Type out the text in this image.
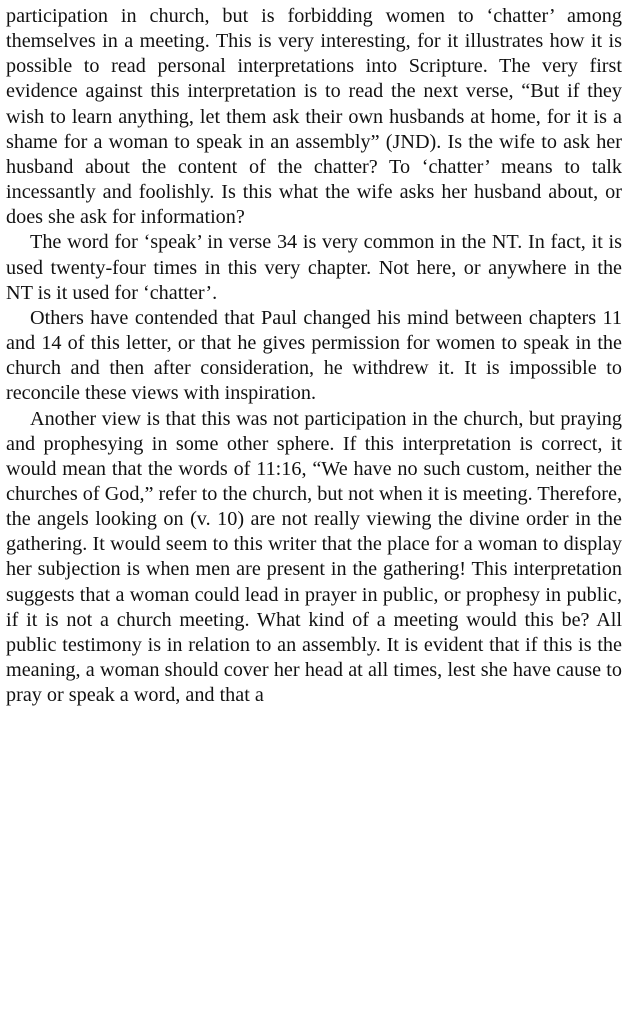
participation in church, but is forbidding women to ‘chatter’ among themselves in a meeting. This is very interesting, for it illustrates how it is possible to read personal interpretations into Scripture. The very first evidence against this interpretation is to read the next verse, “But if they wish to learn anything, let them ask their own husbands at home, for it is a shame for a woman to speak in an assembly” (JND). Is the wife to ask her husband about the content of the chatter? To ‘chatter’ means to talk incessantly and foolishly. Is this what the wife asks her husband about, or does she ask for information?

The word for ‘speak’ in verse 34 is very common in the NT. In fact, it is used twenty-four times in this very chapter. Not here, or anywhere in the NT is it used for ‘chatter’.

Others have contended that Paul changed his mind between chapters 11 and 14 of this letter, or that he gives permission for women to speak in the church and then after consideration, he withdrew it. It is impossible to reconcile these views with inspiration.

Another view is that this was not participation in the church, but praying and prophesying in some other sphere. If this interpretation is correct, it would mean that the words of 11:16, “We have no such custom, neither the churches of God,” refer to the church, but not when it is meeting. Therefore, the angels looking on (v. 10) are not really viewing the divine order in the gathering. It would seem to this writer that the place for a woman to display her subjection is when men are present in the gathering! This interpretation suggests that a woman could lead in prayer in public, or prophesy in public, if it is not a church meeting. What kind of a meeting would this be? All public testimony is in relation to an assembly. It is evident that if this is the meaning, a woman should cover her head at all times, lest she have cause to pray or speak a word, and that a
